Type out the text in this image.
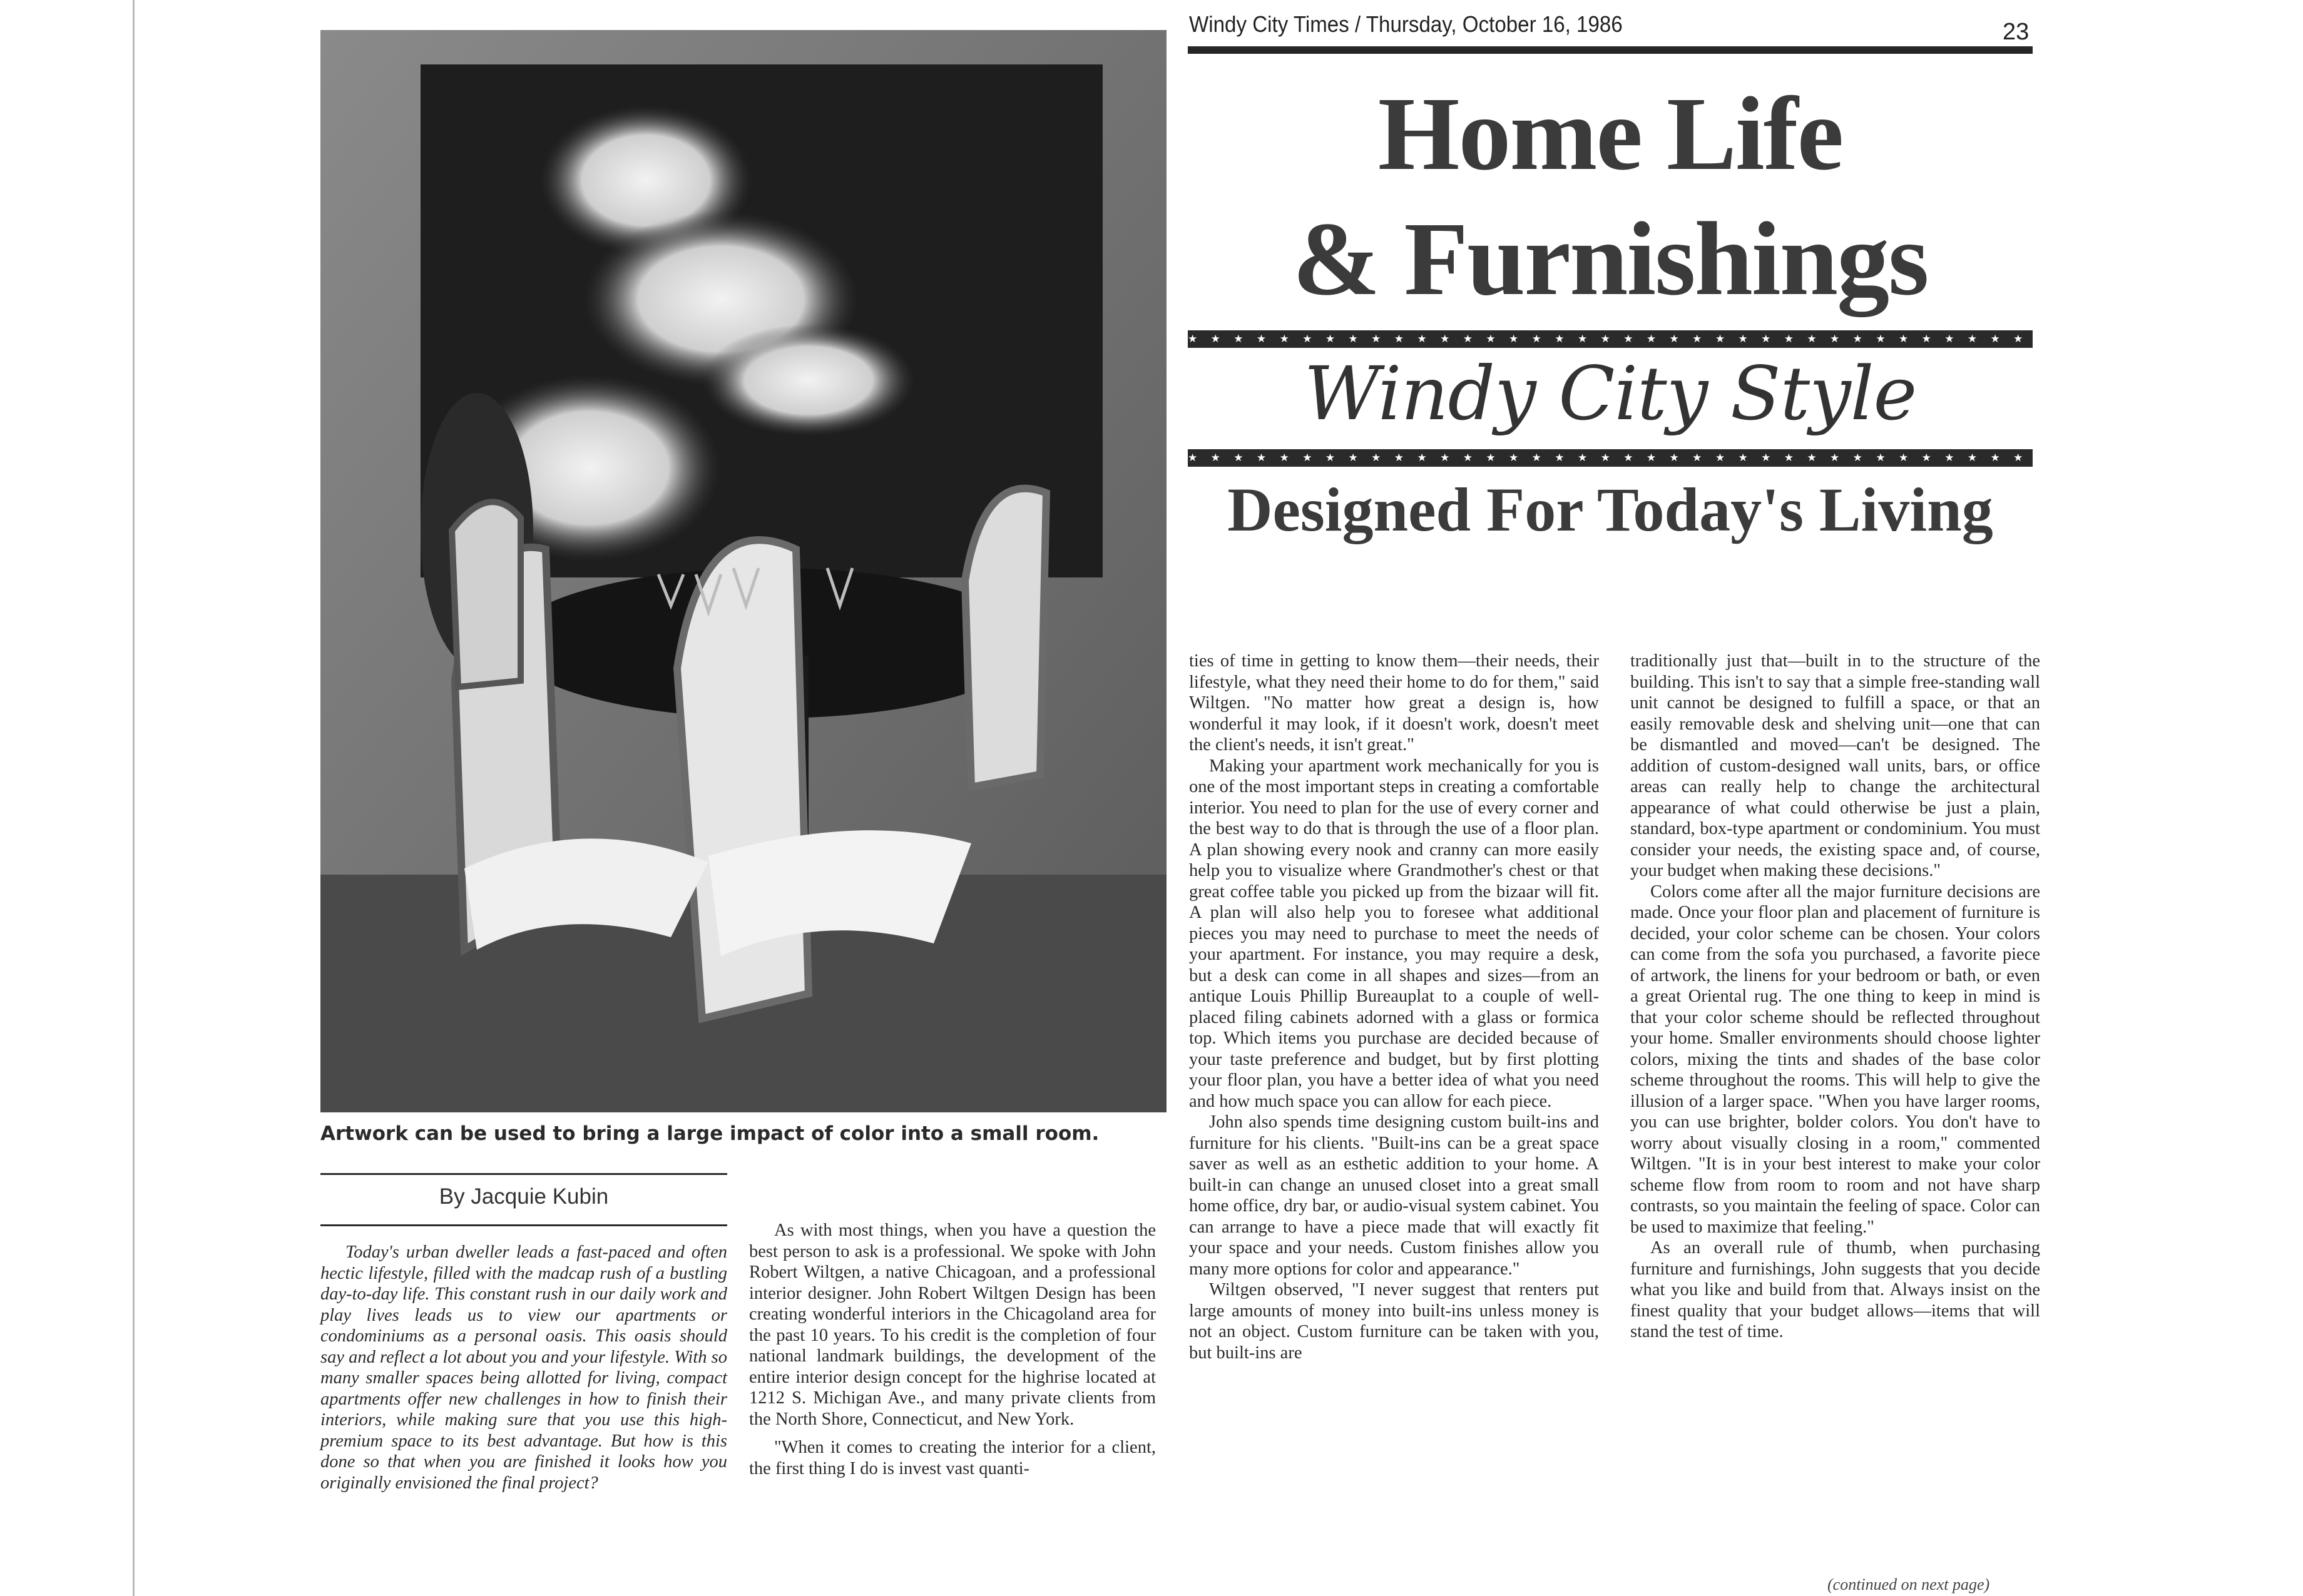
Artwork can be used to bring a large impact of color into a small room.
By Jacquie Kubin
Windy City Times / Thursday, October 16, 1986	23
Home Life
& Furnishings
★ ★ ★ ★ ★ ★ ★ ★ ★ ★ ★ ★ ★ ★ ★ ★ ★ ★ ★ ★ ★ ★ ★ ★ ★ ★ ★ ★ ★ ★ ★ ★ ★ ★ ★ ★ ★ ★ ★ ★ ★ ★ ★ ★ ★ ★ ★ ★ ★
Windy City Style
★ ★ ★ ★ ★ ★ ★ ★ ★ ★ ★ ★ ★ ★ ★ ★ ★ ★ ★ ★ ★ ★ ★ ★ ★ ★ ★ ★ ★ ★ ★ ★ ★ ★ ★ ★ ★ ★ ★ ★ ★ ★ ★ ★ ★ ★ ★ ★ ★
Designed For Today's Living

Today's urban dweller leads a fast-paced and often hectic lifestyle, filled with the madcap rush of a bustling day-to-day life. This constant rush in our daily work and play lives leads us to view our apartments or condominiums as a personal oasis. This oasis should say and reflect a lot about you and your lifestyle. With so many smaller spaces being allotted for living, compact apartments offer new challenges in how to finish their interiors, while making sure that you use this high-premium space to its best advantage. But how is this done so that when you are finished it looks how you originally envisioned the final project?

As with most things, when you have a question the best person to ask is a professional. We spoke with John Robert Wiltgen, a native Chicagoan, and a professional interior designer. John Robert Wiltgen Design has been creating wonderful interiors in the Chicagoland area for the past 10 years. To his credit is the completion of four national landmark buildings, the development of the entire interior design concept for the highrise located at 1212 S. Michigan Ave., and many private clients from the North Shore, Connecticut, and New York.

"When it comes to creating the interior for a client, the first thing I do is invest vast quanti-

ties of time in getting to know them—their needs, their lifestyle, what they need their home to do for them," said Wiltgen. "No matter how great a design is, how wonderful it may look, if it doesn't work, doesn't meet the client's needs, it isn't great."

Making your apartment work mechanically for you is one of the most important steps in creating a comfortable interior. You need to plan for the use of every corner and the best way to do that is through the use of a floor plan. A plan showing every nook and cranny can more easily help you to visualize where Grandmother's chest or that great coffee table you picked up from the bizaar will fit. A plan will also help you to foresee what additional pieces you may need to purchase to meet the needs of your apartment. For instance, you may require a desk, but a desk can come in all shapes and sizes—from an antique Louis Phillip Bureauplat to a couple of well-placed filing cabinets adorned with a glass or formica top. Which items you purchase are decided because of your taste preference and budget, but by first plotting your floor plan, you have a better idea of what you need and how much space you can allow for each piece.

John also spends time designing custom built-ins and furniture for his clients. "Built-ins can be a great space saver as well as an esthetic addition to your home. A built-in can change an unused closet into a great small home office, dry bar, or audio-visual system cabinet. You can arrange to have a piece made that will exactly fit your space and your needs. Custom finishes allow you many more options for color and appearance."

Wiltgen observed, "I never suggest that renters put large amounts of money into built-ins unless money is not an object. Custom furniture can be taken with you, but built-ins are

traditionally just that—built in to the structure of the building. This isn't to say that a simple free-standing wall unit cannot be designed to fulfill a space, or that an easily removable desk and shelving unit—one that can be dismantled and moved—can't be designed. The addition of custom-designed wall units, bars, or office areas can really help to change the architectural appearance of what could otherwise be just a plain, standard, box-type apartment or condominium. You must consider your needs, the existing space and, of course, your budget when making these decisions."

Colors come after all the major furniture decisions are made. Once your floor plan and placement of furniture is decided, your color scheme can be chosen. Your colors can come from the sofa you purchased, a favorite piece of artwork, the linens for your bedroom or bath, or even a great Oriental rug. The one thing to keep in mind is that your color scheme should be reflected throughout your home. Smaller environments should choose lighter colors, mixing the tints and shades of the base color scheme throughout the rooms. This will help to give the illusion of a larger space. "When you have larger rooms, you can use brighter, bolder colors. You don't have to worry about visually closing in a room," commented Wiltgen. "It is in your best interest to make your color scheme flow from room to room and not have sharp contrasts, so you maintain the feeling of space. Color can be used to maximize that feeling."

As an overall rule of thumb, when purchasing furniture and furnishings, John suggests that you decide what you like and build from that. Always insist on the finest quality that your budget allows—items that will stand the test of time.

(continued on next page)
